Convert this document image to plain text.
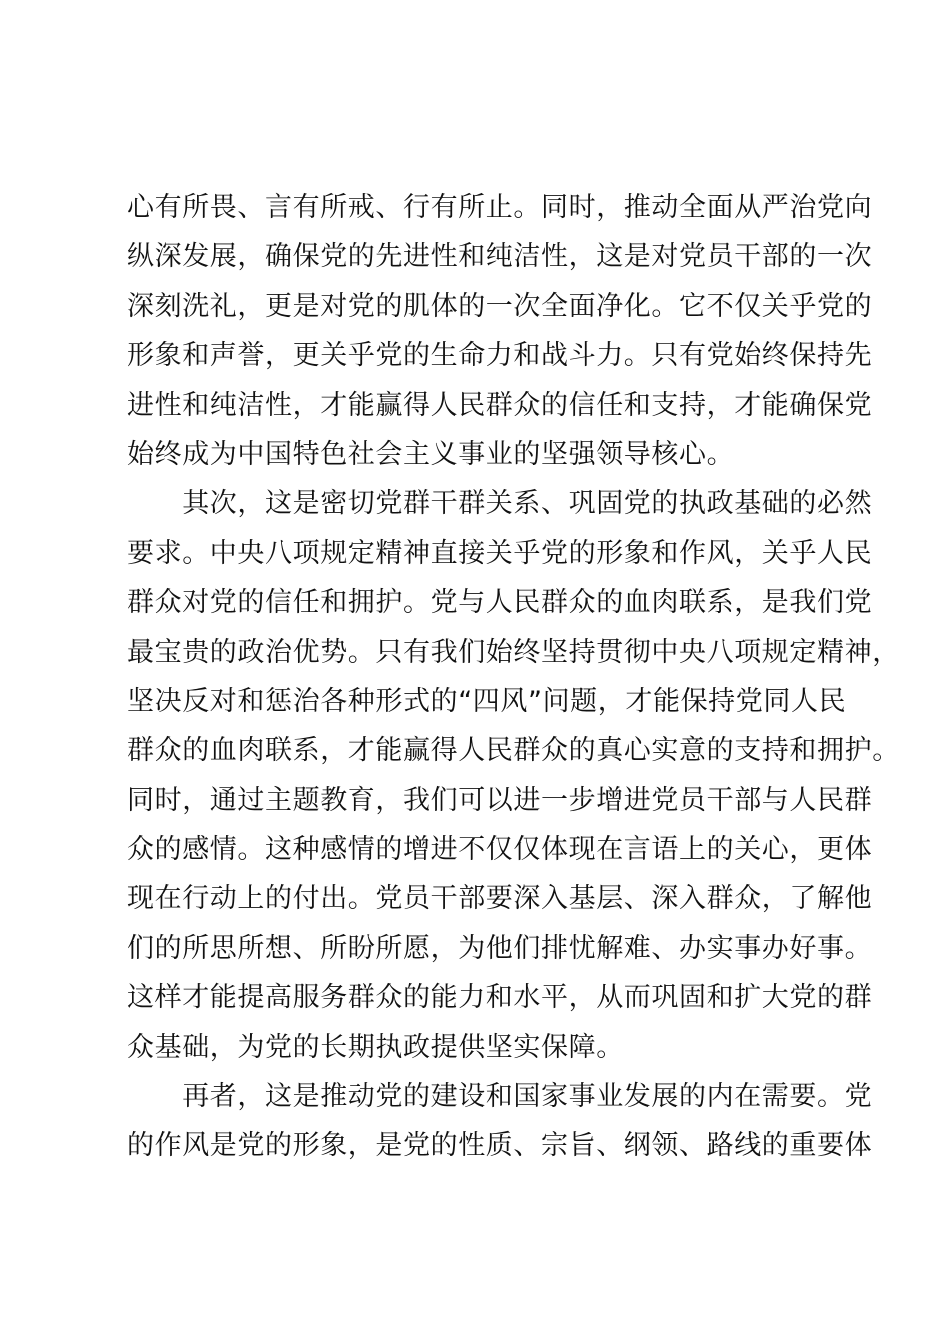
心有所畏、言有所戒、行有所止。同时，推动全面从严治党向
纵深发展，确保党的先进性和纯洁性，这是对党员干部的一次
深刻洗礼，更是对党的肌体的一次全面净化。它不仅关乎党的
形象和声誉，更关乎党的生命力和战斗力。只有党始终保持先
进性和纯洁性，才能赢得人民群众的信任和支持，才能确保党
始终成为中国特色社会主义事业的坚强领导核心。
　　其次，这是密切党群干群关系、巩固党的执政基础的必然
要求。中央八项规定精神直接关乎党的形象和作风，关乎人民
群众对党的信任和拥护。党与人民群众的血肉联系，是我们党
最宝贵的政治优势。只有我们始终坚持贯彻中央八项规定精神，
坚决反对和惩治各种形式的“四风”问题，才能保持党同人民
群众的血肉联系，才能赢得人民群众的真心实意的支持和拥护。
同时，通过主题教育，我们可以进一步增进党员干部与人民群
众的感情。这种感情的增进不仅仅体现在言语上的关心，更体
现在行动上的付出。党员干部要深入基层、深入群众，了解他
们的所思所想、所盼所愿，为他们排忧解难、办实事办好事。
这样才能提高服务群众的能力和水平，从而巩固和扩大党的群
众基础，为党的长期执政提供坚实保障。
　　再者，这是推动党的建设和国家事业发展的内在需要。党
的作风是党的形象，是党的性质、宗旨、纲领、路线的重要体
